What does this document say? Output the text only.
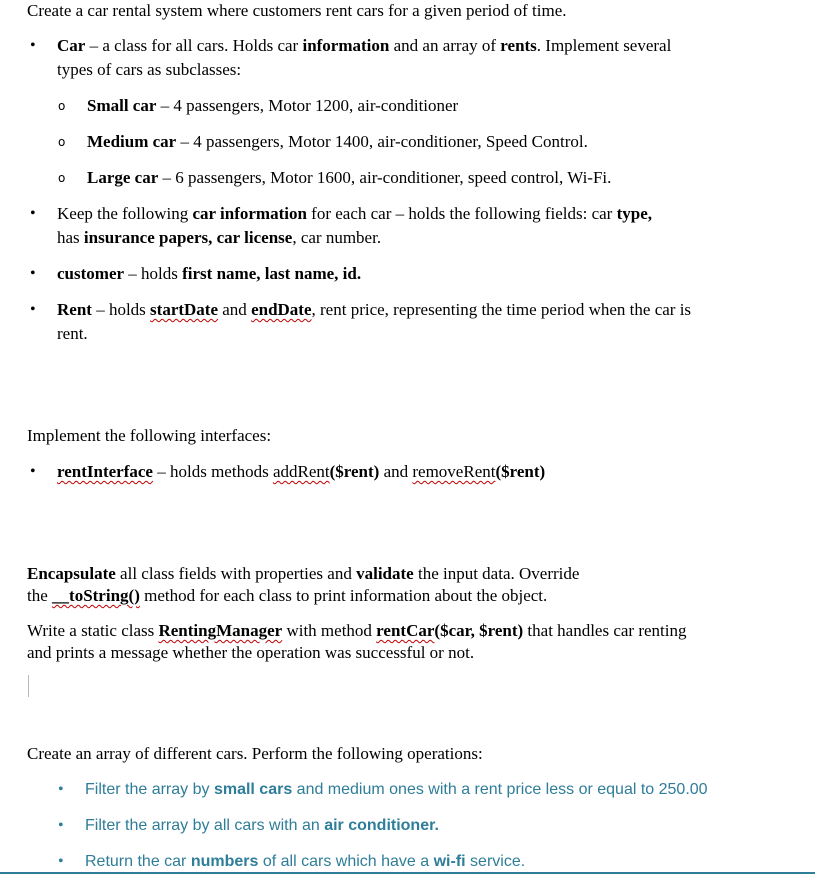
Create a car rental system where customers rent cars for a given period of time.

• Car – a class for all cars. Holds car information and an array of rents. Implement several

types of cars as subclasses:

o Small car – 4 passengers, Motor 1200, air-conditioner

o Medium car – 4 passengers, Motor 1400, air-conditioner, Speed Control.

o Large car – 6 passengers, Motor 1600, air-conditioner, speed control, Wi-Fi.

• Keep the following car information for each car – holds the following fields: car type,

has insurance papers, car license, car number.

• customer – holds first name, last name, id.

• Rent – holds startDate and endDate, rent price, representing the time period when the car is

rent.

Implement the following interfaces:

• rentInterface – holds methods addRent($rent) and removeRent($rent)

Encapsulate all class fields with properties and validate the input data. Override

the __toString() method for each class to print information about the object.

Write a static class RentingManager with method rentCar($car, $rent) that handles car renting

and prints a message whether the operation was successful or not.

Create an array of different cars. Perform the following operations:

• Filter the array by small cars and medium ones with a rent price less or equal to 250.00

• Filter the array by all cars with an air conditioner.

• Return the car numbers of all cars which have a wi-fi service.
